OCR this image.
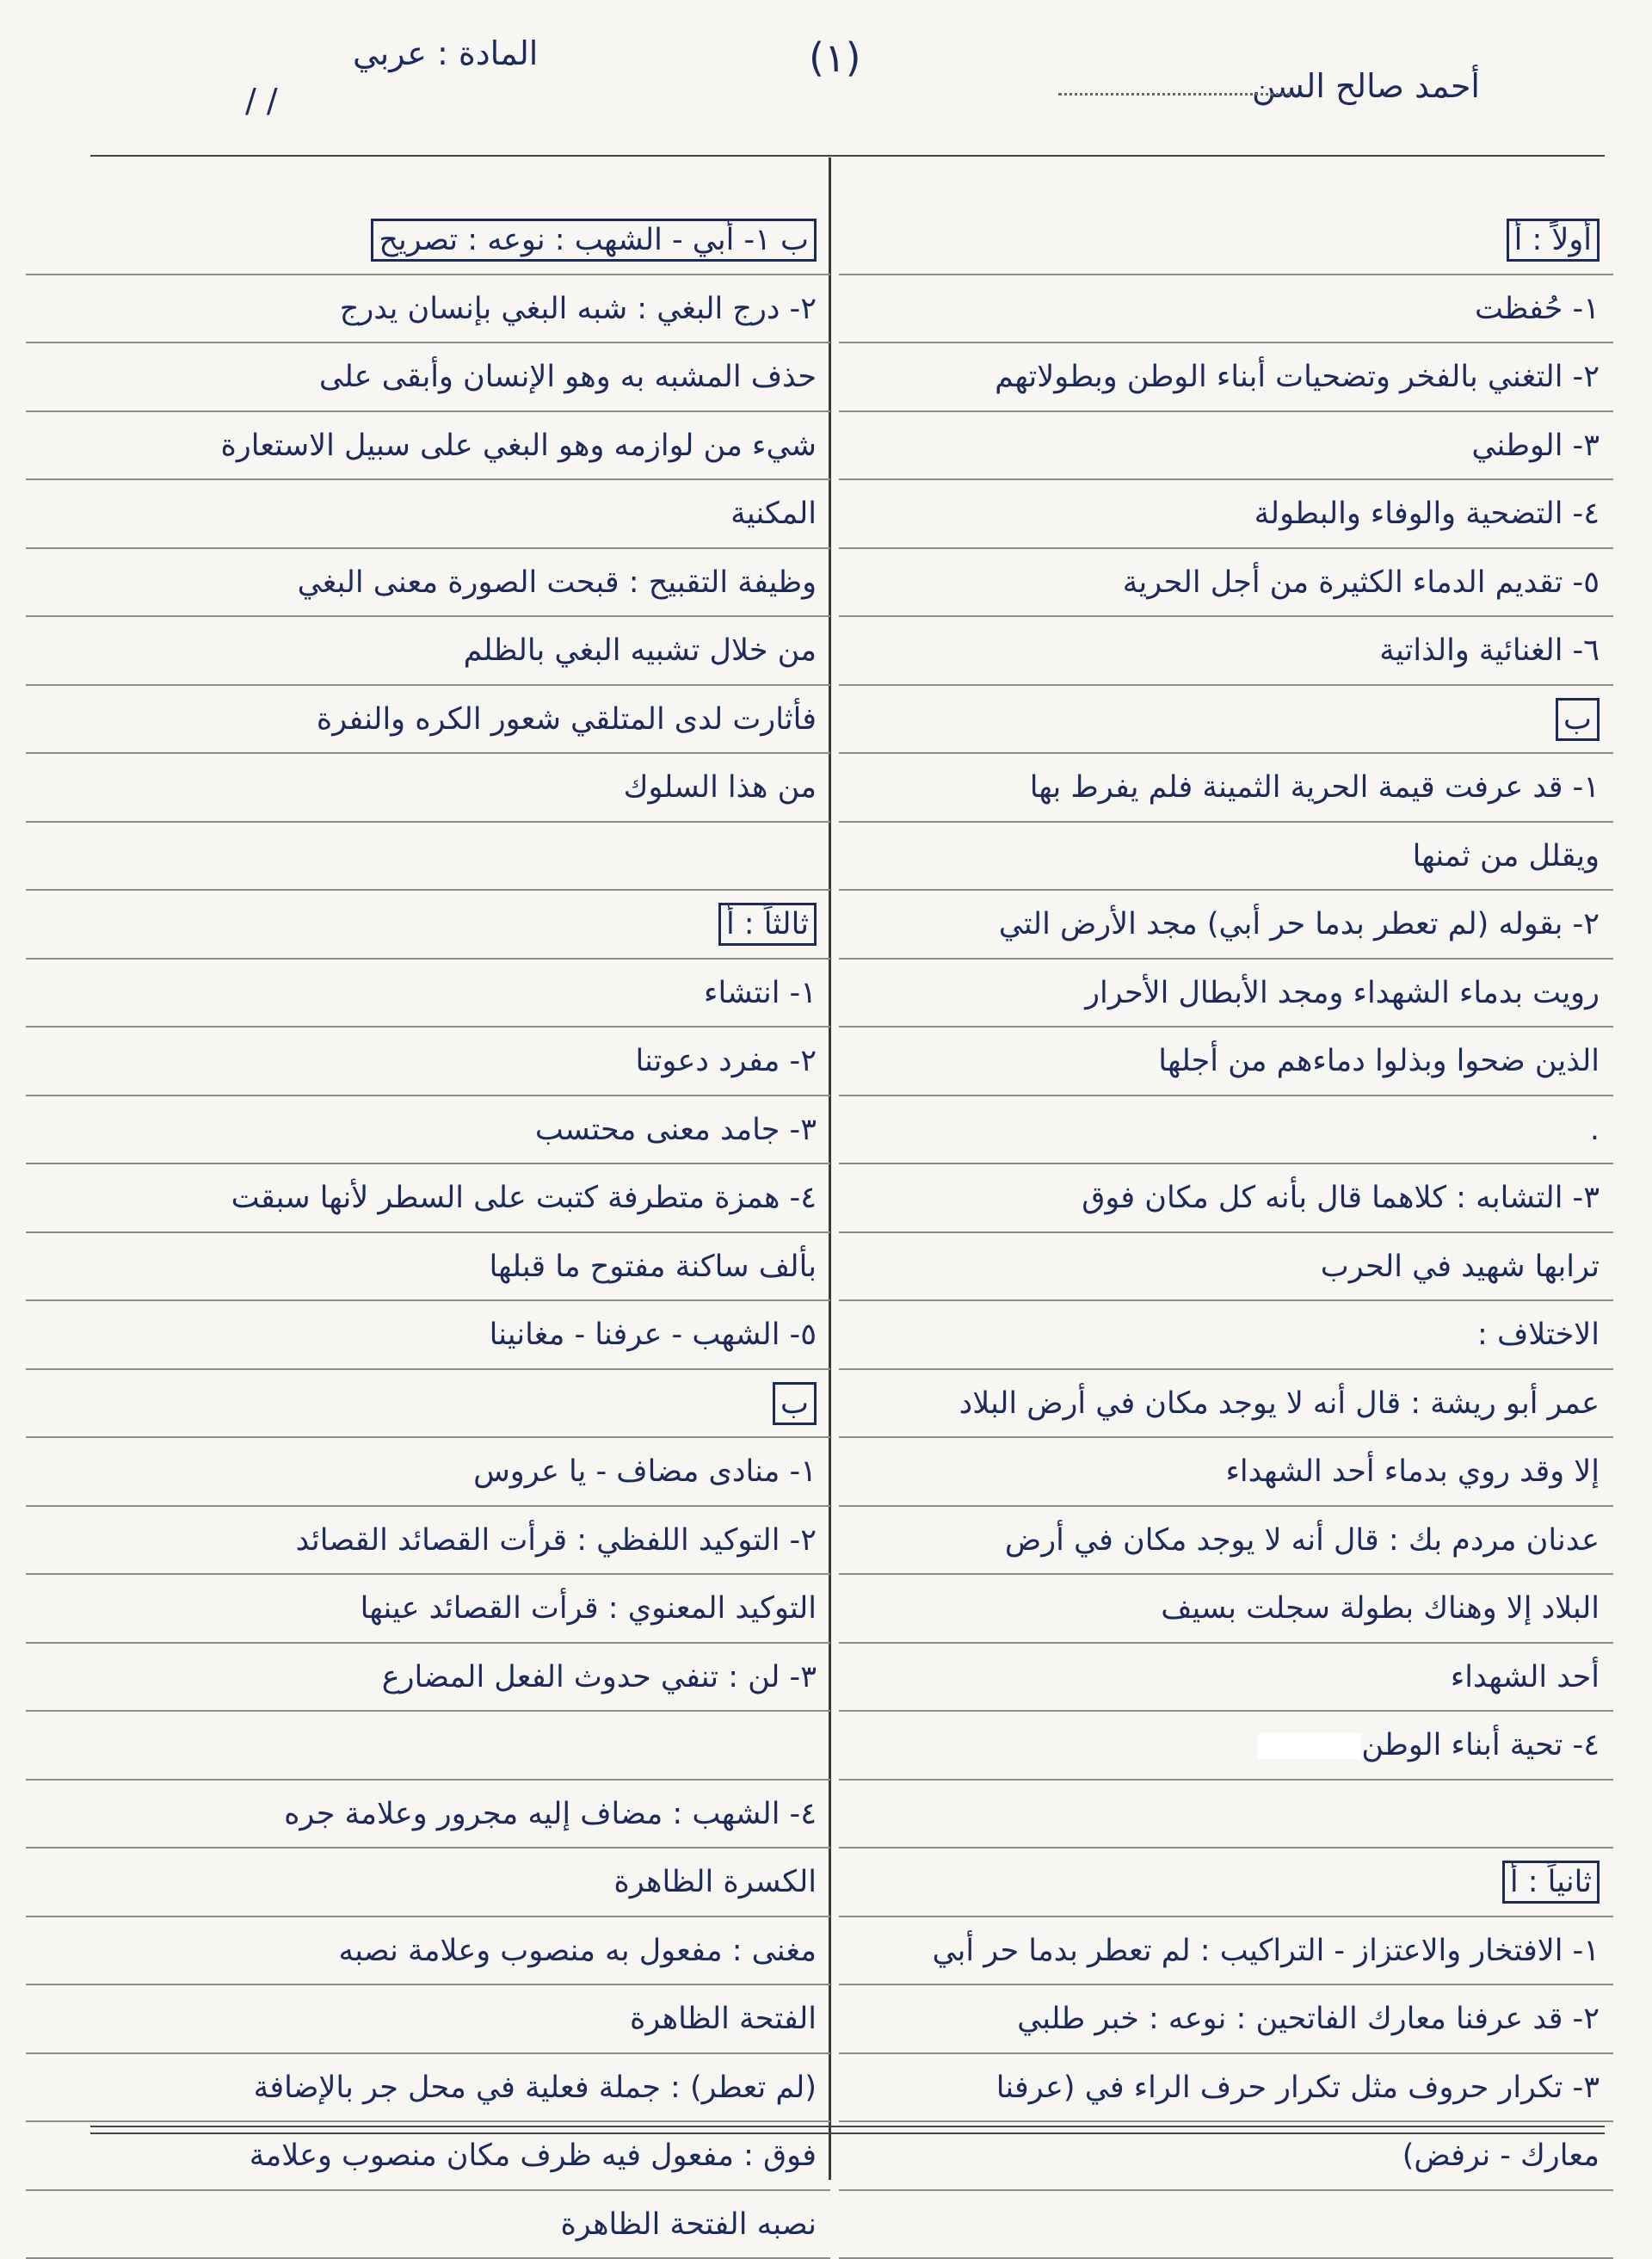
أحمد صالح السن
(١)
المادة : عربي
/ /
أولاً : أ
١- حُفظت
٢- التغني بالفخر وتضحيات أبناء الوطن وبطولاتهم
٣- الوطني
٤- التضحية والوفاء والبطولة
٥- تقديم الدماء الكثيرة من أجل الحرية
٦- الغنائية والذاتية
ب
١- قد عرفت قيمة الحرية الثمينة فلم يفرط بها
ويقلل من ثمنها
٢- بقوله (لم تعطر بدما حر أبي) مجد الأرض التي
رويت بدماء الشهداء ومجد الأبطال الأحرار
الذين ضحوا وبذلوا دماءهم من أجلها
.
٣- التشابه : كلاهما قال بأنه كل مكان فوق
ترابها شهيد في الحرب
الاختلاف :
عمر أبو ريشة : قال أنه لا يوجد مكان في أرض البلاد
إلا وقد روي بدماء أحد الشهداء
عدنان مردم بك : قال أنه لا يوجد مكان في أرض
البلاد إلا وهناك بطولة سجلت بسيف
أحد الشهداء
٤- تحية أبناء الوطن
ثانياً : أ
١- الافتخار والاعتزاز - التراكيب : لم تعطر بدما حر أبي
٢- قد عرفنا معارك الفاتحين : نوعه : خبر طلبي
٣- تكرار حروف مثل تكرار حرف الراء في (عرفنا
معارك - نرفض)
ب ١- أبي - الشهب : نوعه : تصريح
٢- درج البغي : شبه البغي بإنسان يدرج
حذف المشبه به وهو الإنسان وأبقى على
شيء من لوازمه وهو البغي على سبيل الاستعارة
المكنية
وظيفة التقبيح : قبحت الصورة معنى البغي
من خلال تشبيه البغي بالظلم
فأثارت لدى المتلقي شعور الكره والنفرة
من هذا السلوك
ثالثاً : أ
١- انتشاء
٢- مفرد دعوتنا
٣- جامد معنى محتسب
٤- همزة متطرفة كتبت على السطر لأنها سبقت
بألف ساكنة مفتوح ما قبلها
٥- الشهب - عرفنا - مغانينا
ب
١- منادى مضاف - يا عروس
٢- التوكيد اللفظي : قرأت القصائد القصائد
التوكيد المعنوي : قرأت القصائد عينها
٣- لن : تنفي حدوث الفعل المضارع
٤- الشهب : مضاف إليه مجرور وعلامة جره
الكسرة الظاهرة
مغنى : مفعول به منصوب وعلامة نصبه
الفتحة الظاهرة
(لم تعطر) : جملة فعلية في محل جر بالإضافة
فوق : مفعول فيه ظرف مكان منصوب وعلامة
نصبه الفتحة الظاهرة
